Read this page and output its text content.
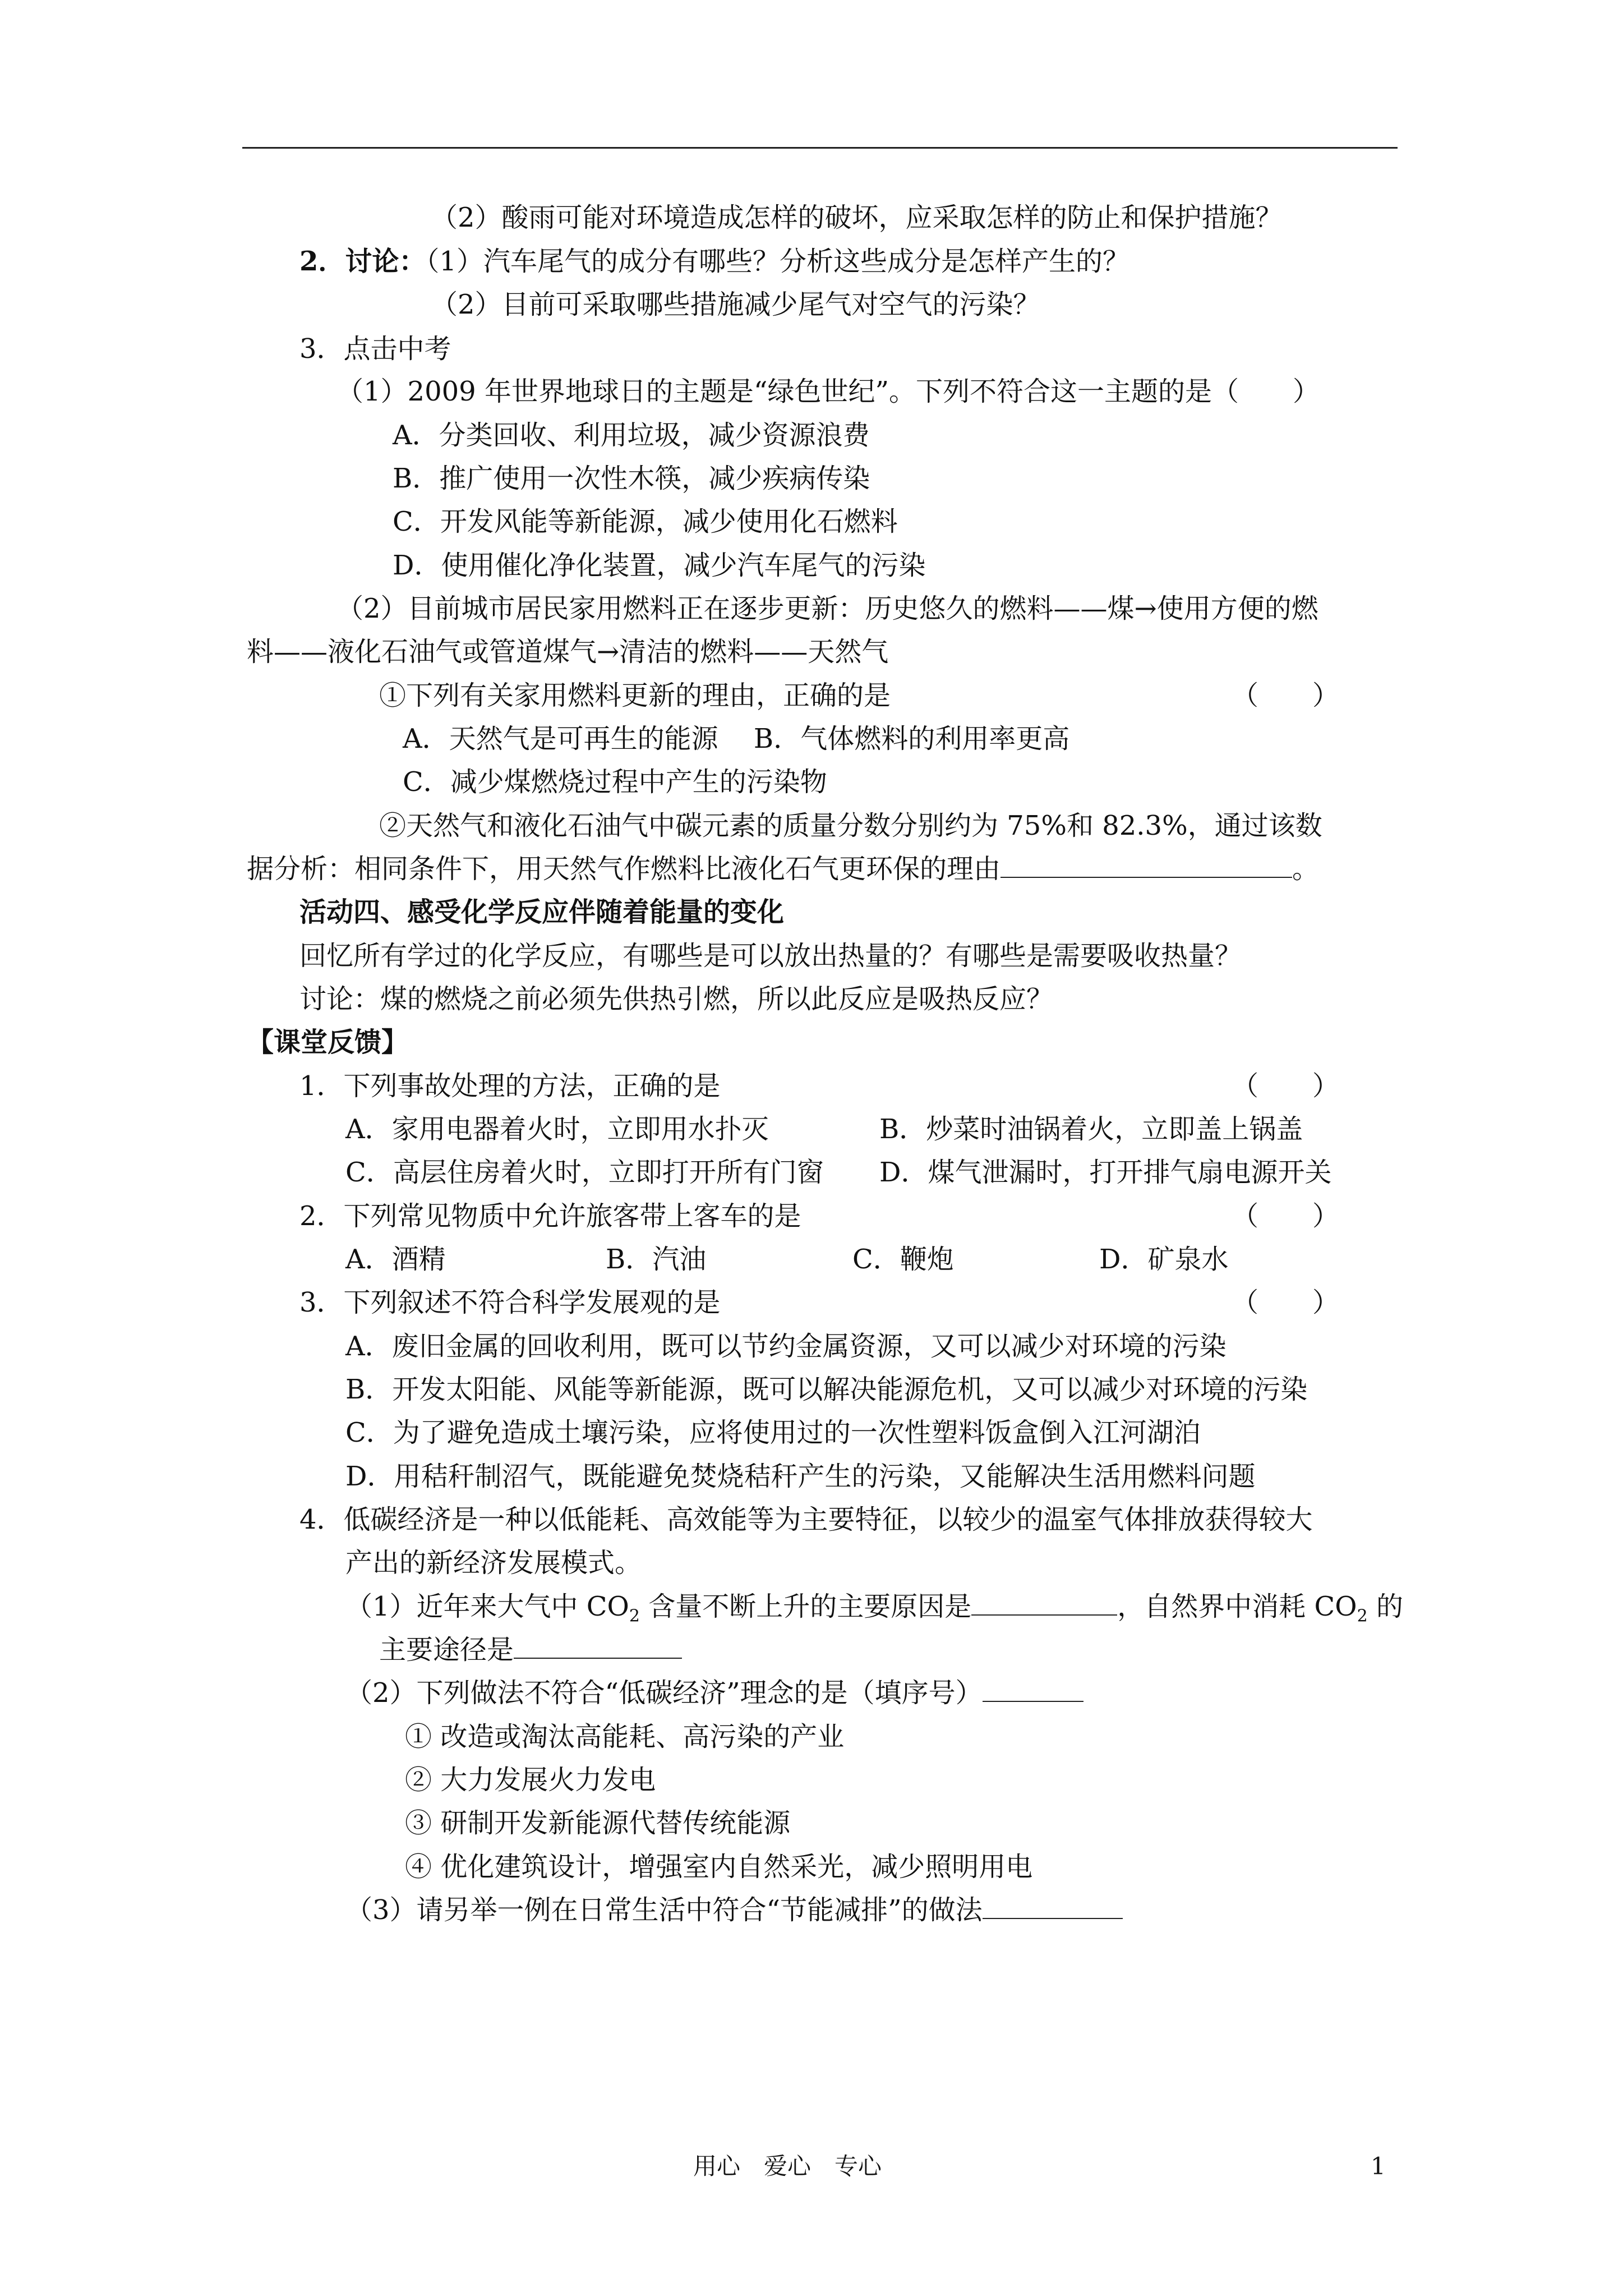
（2）酸雨可能对环境造成怎样的破坏，应采取怎样的防止和保护措施？
2．讨论：（1）汽车尾气的成分有哪些？分析这些成分是怎样产生的？
（2）目前可采取哪些措施减少尾气对空气的污染？
3．点击中考
（1）2009 年世界地球日的主题是“绿色世纪”。下列不符合这一主题的是（　　）
A．分类回收、利用垃圾，减少资源浪费
B．推广使用一次性木筷，减少疾病传染
C．开发风能等新能源，减少使用化石燃料
D．使用催化净化装置，减少汽车尾气的污染
（2）目前城市居民家用燃料正在逐步更新：历史悠久的燃料——煤→使用方便的燃
料——液化石油气或管道煤气→清洁的燃料——天然气
①下列有关家用燃料更新的理由，正确的是	（　　）
A．天然气是可再生的能源　 B．气体燃料的利用率更高
C．减少煤燃烧过程中产生的污染物
②天然气和液化石油气中碳元素的质量分数分别约为 75%和 82.3%，通过该数
据分析：相同条件下，用天然气作燃料比液化石气更环保的理由	。
活动四、感受化学反应伴随着能量的变化
回忆所有学过的化学反应，有哪些是可以放出热量的？有哪些是需要吸收热量？
讨论：煤的燃烧之前必须先供热引燃，所以此反应是吸热反应？
【课堂反馈】
1．下列事故处理的方法，正确的是	（　　）
A．家用电器着火时，立即用水扑灭	B．炒菜时油锅着火，立即盖上锅盖
C．高层住房着火时，立即打开所有门窗 D．煤气泄漏时，打开排气扇电源开关
2．下列常见物质中允许旅客带上客车的是	（　　）
A．酒精	B．汽油	C．鞭炮	D．矿泉水
3．下列叙述不符合科学发展观的是	（　　）
A．废旧金属的回收利用，既可以节约金属资源，又可以减少对环境的污染
B．开发太阳能、风能等新能源，既可以解决能源危机，又可以减少对环境的污染
C．为了避免造成土壤污染，应将使用过的一次性塑料饭盒倒入江河湖泊
D．用秸秆制沼气，既能避免焚烧秸秆产生的污染，又能解决生活用燃料问题
4．低碳经济是一种以低能耗、高效能等为主要特征，以较少的温室气体排放获得较大
产出的新经济发展模式。
（1）近年来大气中 $CO_2$ 含量不断上升的主要原因是	，自然界中消耗 $CO_2$ 的
主要途径是
（2）下列做法不符合“低碳经济”理念的是（填序号）
① 改造或淘汰高能耗、高污染的产业
② 大力发展火力发电
③ 研制开发新能源代替传统能源
④ 优化建筑设计，增强室内自然采光，减少照明用电
（3）请另举一例在日常生活中符合“节能减排”的做法
用心　爱心　专心	1
